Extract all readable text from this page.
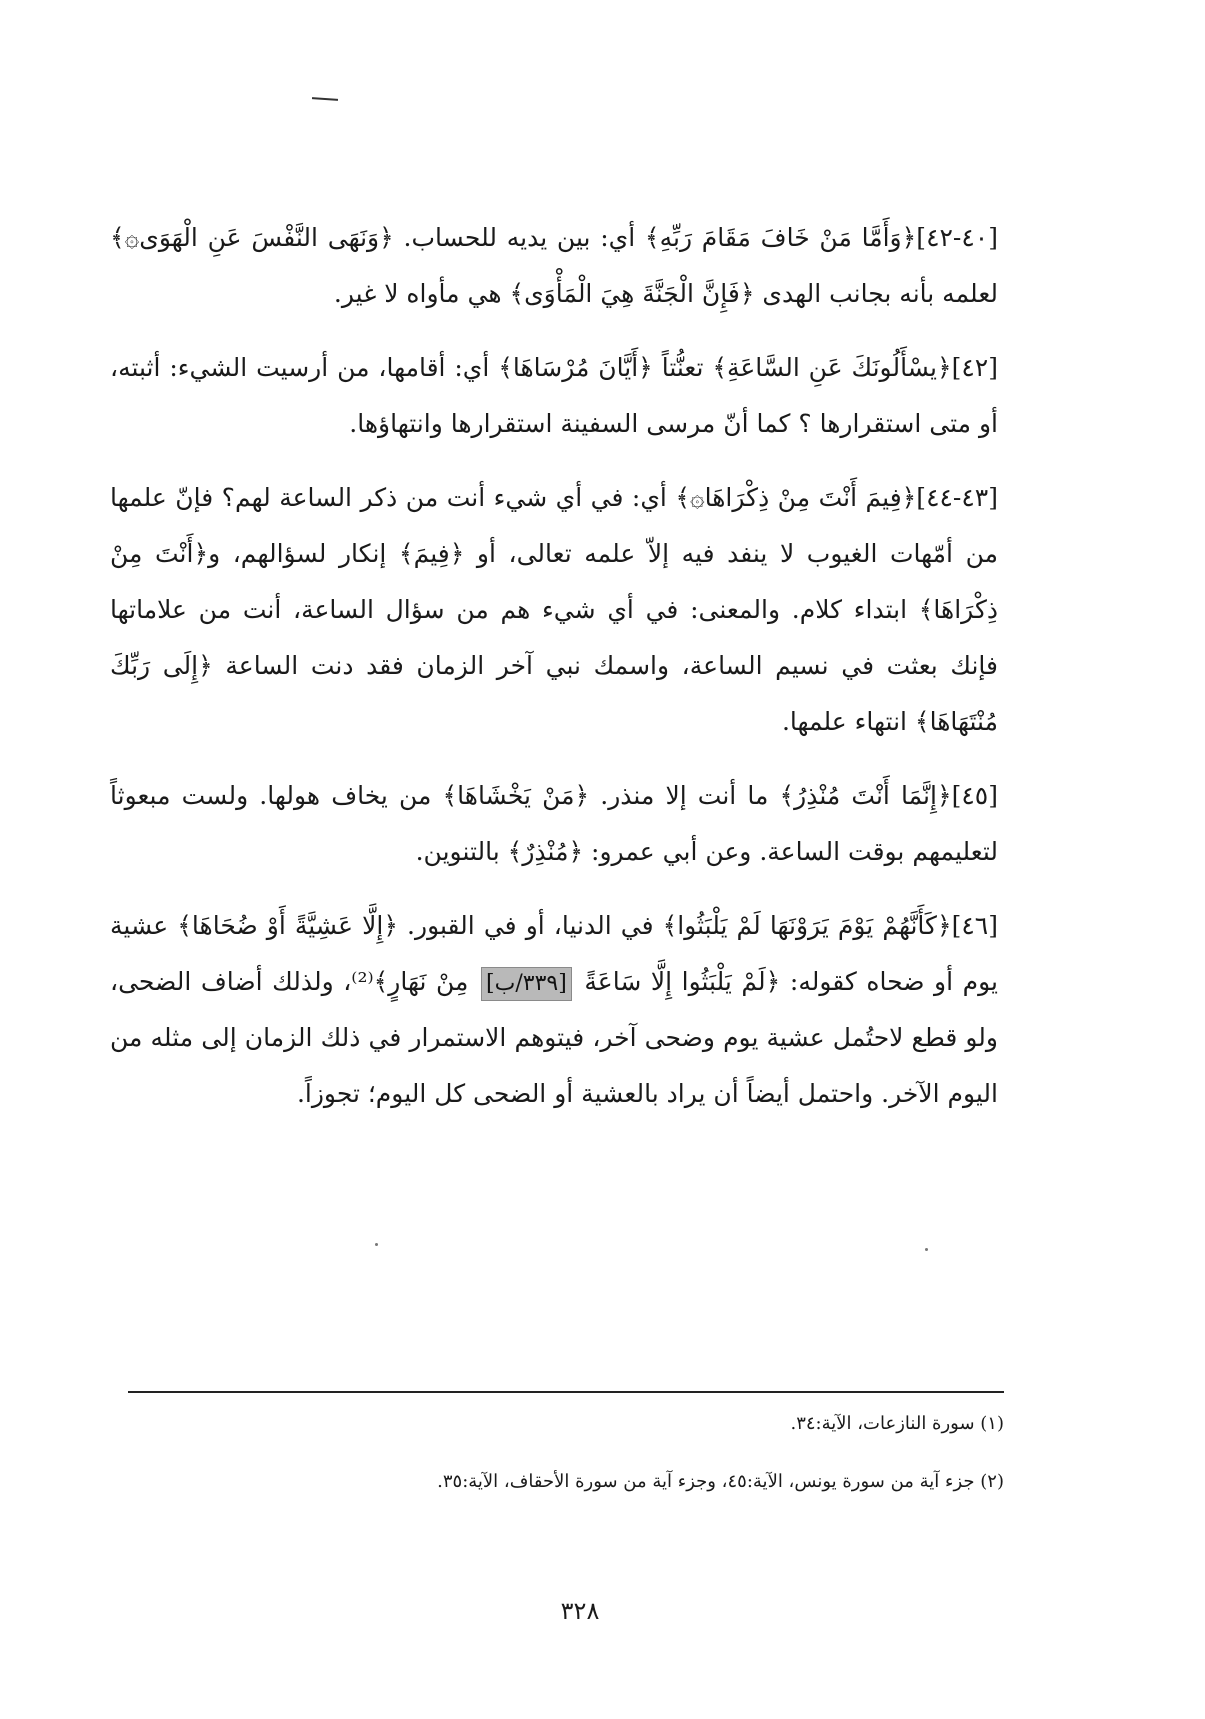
[٤٠-٤٢]﴿وَأَمَّا مَنْ خَافَ مَقَامَ رَبِّهِ﴾ أي: بين يديه للحساب. ﴿وَنَهَى النَّفْسَ عَنِ الْهَوَى۞﴾ لعلمه بأنه بجانب الهدى ﴿فَإِنَّ الْجَنَّةَ هِيَ الْمَأْوَى﴾ هي مأواه لا غير.

[٤٢]﴿يسْأَلُونَكَ عَنِ السَّاعَةِ﴾ تعنُّتاً ﴿أَيَّانَ مُرْسَاهَا﴾ أي: أقامها، من أرسيت الشيء: أثبته، أو متى استقرارها ؟ كما أنّ مرسى السفينة استقرارها وانتهاؤها.

[٤٣-٤٤]﴿فِيمَ أَنْتَ مِنْ ذِكْرَاهَا۞﴾ أي: في أي شيء أنت من ذكر الساعة لهم؟ فإنّ علمها من أمّهات الغيوب لا ينفد فيه إلاّ علمه تعالى، أو ﴿فِيمَ﴾ إنكار لسؤالهم، و﴿أَنْتَ مِنْ ذِكْرَاهَا﴾ ابتداء كلام. والمعنى: في أي شيء هم من سؤال الساعة، أنت من علاماتها فإنك بعثت في نسيم الساعة، واسمك نبي آخر الزمان فقد دنت الساعة ﴿إِلَى رَبِّكَ مُنْتَهَاهَا﴾ انتهاء علمها.

[٤٥]﴿إِنَّمَا أَنْتَ مُنْذِرُ﴾ ما أنت إلا منذر. ﴿مَنْ يَخْشَاهَا﴾ من يخاف هولها. ولست مبعوثاً لتعليمهم بوقت الساعة. وعن أبي عمرو: ﴿مُنْذِرٌ﴾ بالتنوين.

[٤٦]﴿كَأَنَّهُمْ يَوْمَ يَرَوْنَهَا لَمْ يَلْبَثُوا﴾ في الدنيا، أو في القبور. ﴿إِلَّا عَشِيَّةً أَوْ ضُحَاهَا﴾ عشية يوم أو ضحاه كقوله: ﴿لَمْ يَلْبَثُوا إِلَّا سَاعَةً [٣٣٩/ب] مِنْ نَهَارٍ﴾⁽²⁾، ولذلك أضاف الضحى، ولو قطع لاحتُمل عشية يوم وضحى آخر، فيتوهم الاستمرار في ذلك الزمان إلى مثله من اليوم الآخر. واحتمل أيضاً أن يراد بالعشية أو الضحى كل اليوم؛ تجوزاً.

(١) سورة النازعات، الآية:٣٤.

(٢) جزء آية من سورة يونس، الآية:٤٥، وجزء آية من سورة الأحقاف، الآية:٣٥.

٣٢٨
